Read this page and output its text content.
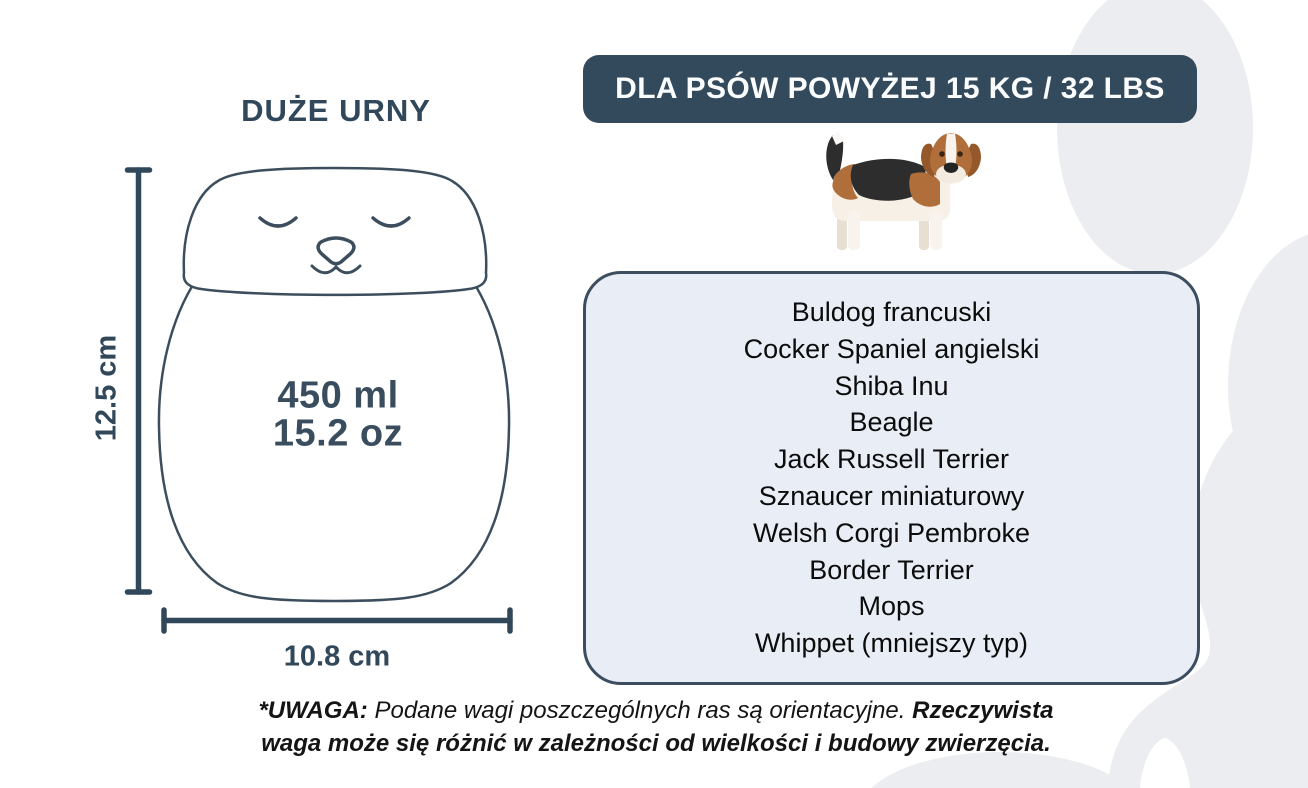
DUŻE URNY
450 ml
15.2 oz
12.5 cm
10.8 cm
DLA PSÓW POWYŻEJ 15 KG / 32 LBS
Buldog francuski
Cocker Spaniel angielski
Shiba Inu
Beagle
Jack Russell Terrier
Sznaucer miniaturowy
Welsh Corgi Pembroke
Border Terrier
Mops
Whippet (mniejszy typ)
*UWAGA: Podane wagi poszczególnych ras są orientacyjne. Rzeczywista waga może się różnić w zależności od wielkości i budowy zwierzęcia.
